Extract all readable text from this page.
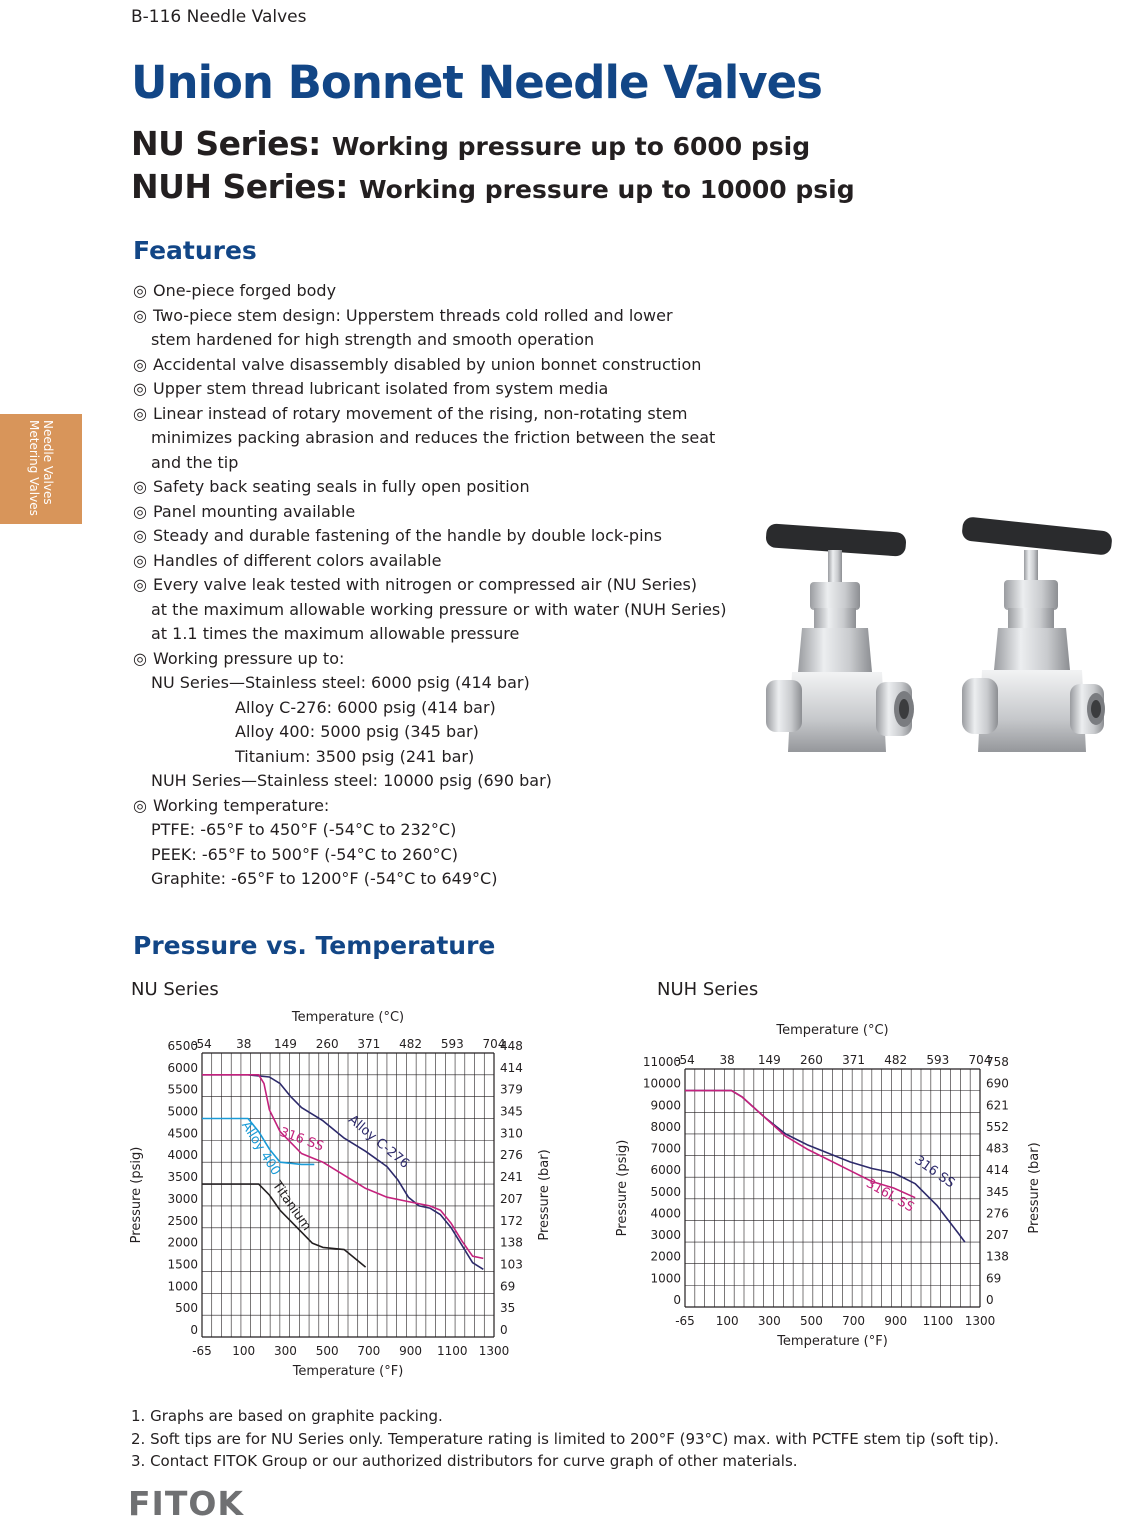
B-116 Needle Valves
Needle Valves
Metering Valves
Union Bonnet Needle Valves
NU Series: Working pressure up to 6000 psig
NUH Series: Working pressure up to 10000 psig
Features
◎ One-piece forged body
◎ Two-piece stem design: Upperstem threads cold rolled and lower
stem hardened for high strength and smooth operation
◎ Accidental valve disassembly disabled by union bonnet construction
◎ Upper stem thread lubricant isolated from system media
◎ Linear instead of rotary movement of the rising, non-rotating stem
minimizes packing abrasion and reduces the friction between the seat
and the tip
◎ Safety back seating seals in fully open position
◎ Panel mounting available
◎ Steady and durable fastening of the handle by double lock-pins
◎ Handles of different colors available
◎ Every valve leak tested with nitrogen or compressed air (NU Series)
at the maximum allowable working pressure or with water (NUH Series)
at 1.1 times the maximum allowable pressure
◎ Working pressure up to:
NU Series—Stainless steel: 6000 psig (414 bar)
Alloy C-276: 6000 psig (414 bar)
Alloy 400: 5000 psig (345 bar)
Titanium: 3500 psig (241 bar)
NUH Series—Stainless steel: 10000 psig (690 bar)
◎ Working temperature:
PTFE: -65°F to 450°F (-54°C to 232°C)
PEEK: -65°F to 500°F (-54°C to 260°C)
Graphite: -65°F to 1200°F (-54°C to 649°C)
Pressure vs. Temperature
NU Series	NUH Series
-65 100 300 500 700 900 1100 1300
-54 38 149 260 371 482 593 704
0
500
1000
1500
2000
2500
3000
3500
4000
4500
5000
5500
6000
6500
0
35
69
103
138
172
207
241
276
310
345
379
414
448
Temperature (°F)
Temperature (°C)
Pressure (psig)	Pressure (bar)
Alloy C-276
316 SS
Alloy 400
Titanium
-65 100 300 500 700 900 1100 1300
-54 38 149 260 371 482 593 704
0
1000
2000
3000
4000
5000
6000
7000
8000
9000
10000
11000
0
69
138
207
276
345
414
483
552
621
690
758
Temperature (°F)
Temperature (°C)
Pressure (psig)	Pressure (bar)
316 SS
316L SS
1. Graphs are based on graphite packing.
2. Soft tips are for NU Series only. Temperature rating is limited to 200°F (93°C) max. with PCTFE stem tip (soft tip).
3. Contact FITOK Group or our authorized distributors for curve graph of other materials.
FITOK
